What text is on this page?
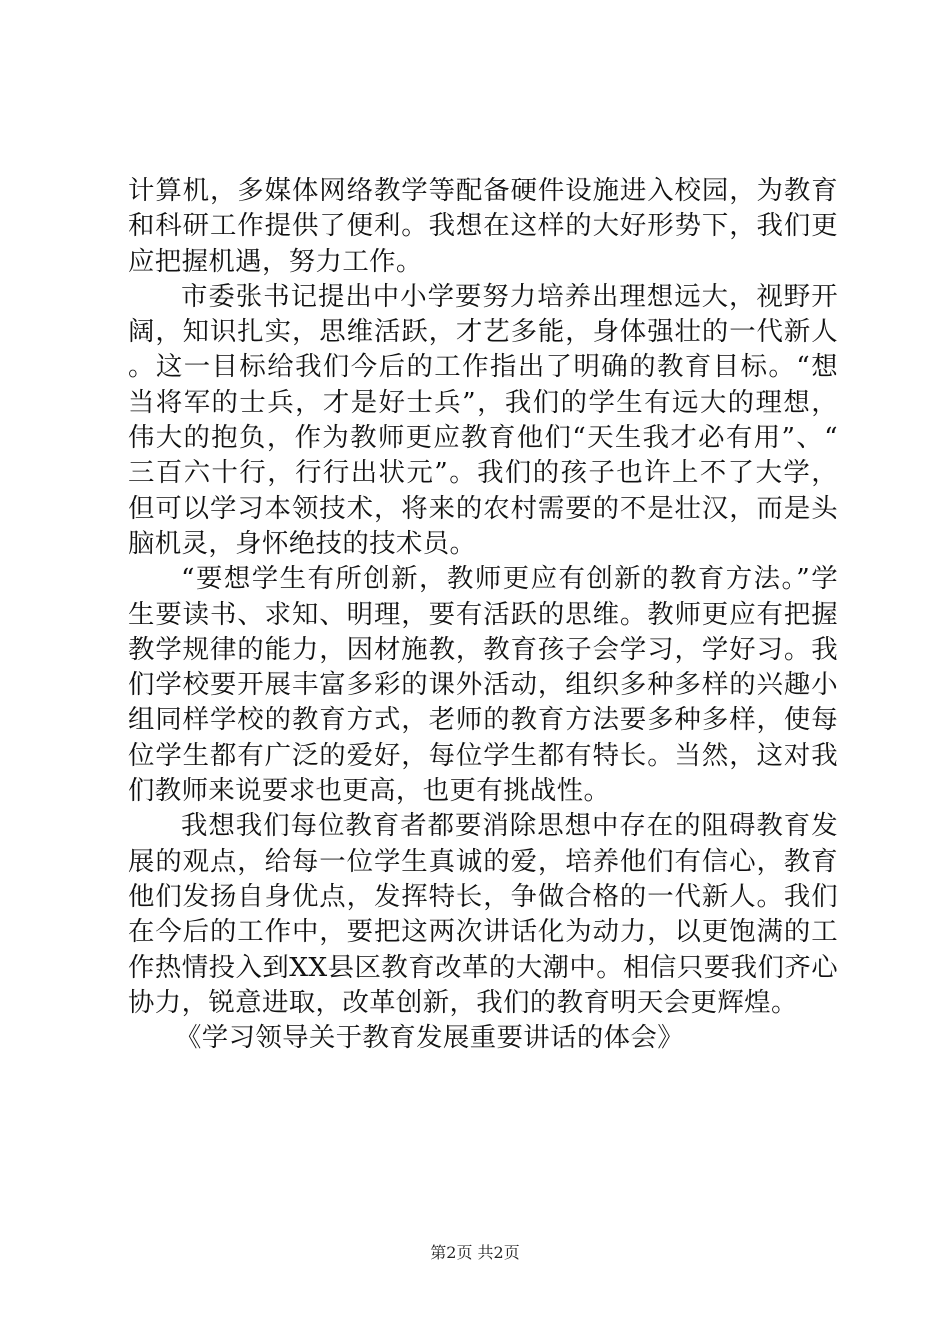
计算机，多媒体网络教学等配备硬件设施进入校园，为教育和科研工作提供了便利。我想在这样的大好形势下，我们更应把握机遇，努力工作。

市委张书记提出中小学要努力培养出理想远大，视野开阔，知识扎实，思维活跃，才艺多能，身体强壮的一代新人。这一目标给我们今后的工作指出了明确的教育目标。“想当将军的士兵，才是好士兵”，我们的学生有远大的理想，伟大的抱负，作为教师更应教育他们“天生我才必有用”、“三百六十行，行行出状元”。我们的孩子也许上不了大学，但可以学习本领技术，将来的农村需要的不是壮汉，而是头脑机灵，身怀绝技的技术员。

“要想学生有所创新，教师更应有创新的教育方法。”学生要读书、求知、明理，要有活跃的思维。教师更应有把握教学规律的能力，因材施教，教育孩子会学习，学好习。我们学校要开展丰富多彩的课外活动，组织多种多样的兴趣小组同样学校的教育方式，老师的教育方法要多种多样，使每位学生都有广泛的爱好，每位学生都有特长。当然，这对我们教师来说要求也更高，也更有挑战性。

我想我们每位教育者都要消除思想中存在的阻碍教育发展的观点，给每一位学生真诚的爱，培养他们有信心，教育他们发扬自身优点，发挥特长，争做合格的一代新人。我们在今后的工作中，要把这两次讲话化为动力，以更饱满的工作热情投入到XX县区教育改革的大潮中。相信只要我们齐心协力，锐意进取，改革创新，我们的教育明天会更辉煌。

《学习领导关于教育发展重要讲话的体会》

第2页 共2页
